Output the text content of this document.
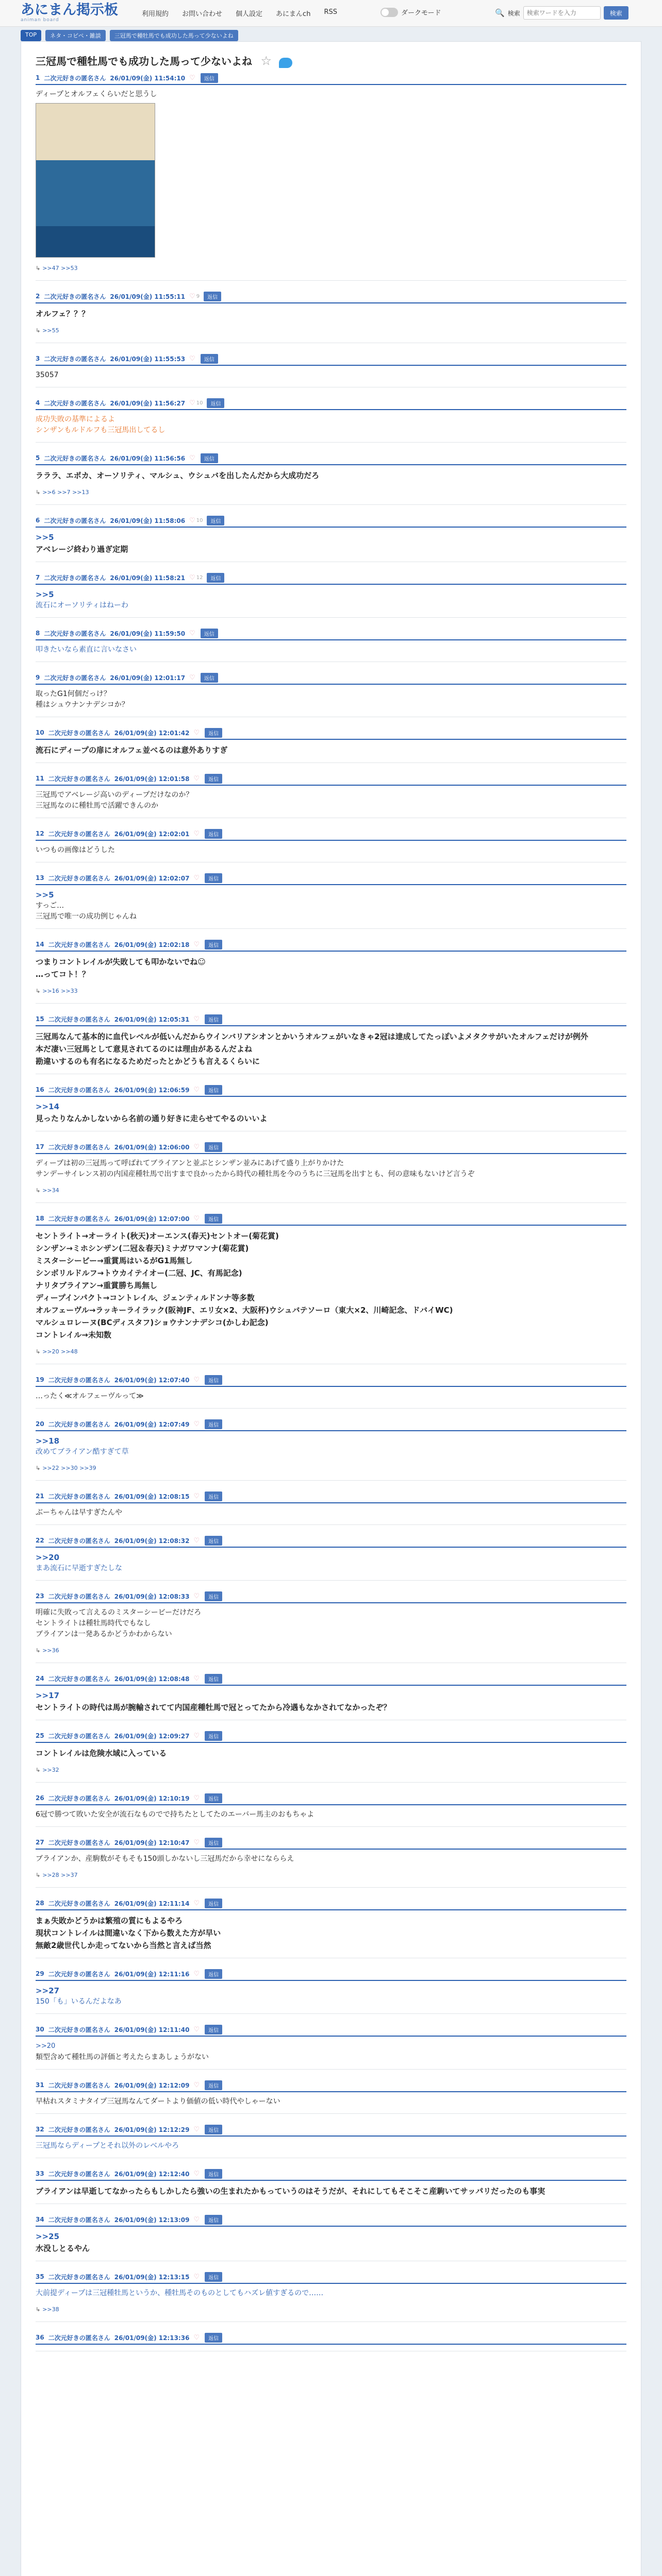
あにまん掲示板
animan board
利用規約 お問い合わせ 個人設定 あにまんch RSS	ダークモード	🔍 検索
検索ワードを入力	検索
TOP	ネタ・コピペ・雑談	三冠馬で種牡馬でも成功した馬って少ないよね
三冠馬で種牡馬でも成功した馬って少ないよね ☆
1 二次元好きの匿名さん 26/01/09(金) 11:54:10 ♡	返信
ディープとオルフェくらいだと思うし
↳ >>47 >>53
2 二次元好きの匿名さん 26/01/09(金) 11:55:11 ♡ 9	返信
オルフェ？？？
↳ >>55
3 二次元好きの匿名さん 26/01/09(金) 11:55:53 ♡	返信
35057
4 二次元好きの匿名さん 26/01/09(金) 11:56:27 ♡ 10	返信
成功失敗の基準によるよ
シンザンもルドルフも三冠馬出してるし
5 二次元好きの匿名さん 26/01/09(金) 11:56:56 ♡	返信
ラララ、エポカ、オーソリティ、マルシュ、ウシュバを出したんだから大成功だろ
↳ >>6 >>7 >>13
6 二次元好きの匿名さん 26/01/09(金) 11:58:06 ♡ 10	返信
>>5
アベレージ終わり過ぎ定期
7 二次元好きの匿名さん 26/01/09(金) 11:58:21 ♡ 12	返信
>>5
流石にオーソリティはねーわ
8 二次元好きの匿名さん 26/01/09(金) 11:59:50 ♡	返信
叩きたいなら素直に言いなさい
9 二次元好きの匿名さん 26/01/09(金) 12:01:17 ♡	返信
取ったG1何個だっけ？
種はシュウナンナデシコか？
10 二次元好きの匿名さん 26/01/09(金) 12:01:42 ♡	返信
流石にディープの扉にオルフェ並べるのは意外ありすぎ
11 二次元好きの匿名さん 26/01/09(金) 12:01:58 ♡	返信
三冠馬でアベレージ高いのディープだけなのか？
三冠馬なのに種牡馬で活躍できんのか
12 二次元好きの匿名さん 26/01/09(金) 12:02:01 ♡	返信
いつもの画像はどうした
13 二次元好きの匿名さん 26/01/09(金) 12:02:07 ♡	返信
>>5
すっご…
三冠馬で唯一の成功例じゃんね
14 二次元好きの匿名さん 26/01/09(金) 12:02:18 ♡	返信
つまりコントレイルが失敗しても叩かないでね☺
…ってコト！？
↳ >>16 >>33
15 二次元好きの匿名さん 26/01/09(金) 12:05:31 ♡	返信
三冠馬なんて基本的に血代レベルが低いんだからウインバリアシオンとかいうオルフェがいなきゃ2冠は達成してたっぽいよメタクサがいたオルフェだけが例外
本だ凄い三冠馬として意見されてるのには理由があるんだよね
勘違いするのも有名になるためだったとかどうも言えるくらいに
16 二次元好きの匿名さん 26/01/09(金) 12:06:59 ♡	返信
>>14
見ったりなんかしないから名前の通り好きに走らせてやるのいいよ
17 二次元好きの匿名さん 26/01/09(金) 12:06:00 ♡	返信
ディープは初の三冠馬って呼ばれてブライアンと並ぶとシンザン並みにあげて盛り上がりかけた
サンデーサイレンス初の内国産種牡馬で出すまで良かったから時代の種牡馬を今のうちに三冠馬を出すとも、何の意味もないけど言うぞ
↳ >>34
18 二次元好きの匿名さん 26/01/09(金) 12:07:00 ♡	返信
セントライト→オーライト(秋天)オーエンス(春天)セントオー(菊花賞)
シンザン→ミホシンザン(二冠＆春天)ミナガワマンナ(菊花賞)
ミスターシービー→重賞馬はいるがG1馬無し
シンボリルドルフ→トウカイテイオー(二冠、JC、有馬記念)
ナリタブライアン→重賞勝ち馬無し
ディープインパクト→コントレイル、ジェンティルドンナ等多数
オルフェーヴル→ラッキーライラック(阪神JF、エリ女×2、大阪杯)ウシュバテソーロ（東大×2、川崎記念、ドバイWC)
マルシュロレーヌ(BCディスタフ)ショウナンナデシコ(かしわ記念)
コントレイル→未知数
↳ >>20 >>48
19 二次元好きの匿名さん 26/01/09(金) 12:07:40 ♡	返信
…ったく≪オルフェーヴルって≫
20 二次元好きの匿名さん 26/01/09(金) 12:07:49 ♡	返信
>>18
改めてブライアン酷すぎて草
↳ >>22 >>30 >>39
21 二次元好きの匿名さん 26/01/09(金) 12:08:15 ♡	返信
ぶーちゃんは早すぎたんや
22 二次元好きの匿名さん 26/01/09(金) 12:08:32 ♡	返信
>>20
まあ流石に早逝すぎたしな
23 二次元好きの匿名さん 26/01/09(金) 12:08:33 ♡	返信
明確に失敗って言えるのミスターシービーだけだろ
セントライトは種牡馬時代でもなし
ブライアンは一発あるかどうかわからない
↳ >>36
24 二次元好きの匿名さん 26/01/09(金) 12:08:48 ♡	返信
>>17
セントライトの時代は馬が腕輸されてて内国産種牡馬で冠とってたから冷遇もなかされてなかったぞ？
25 二次元好きの匿名さん 26/01/09(金) 12:09:27 ♡	返信
コントレイルは危険水域に入っている
↳ >>32
26 二次元好きの匿名さん 26/01/09(金) 12:10:19 ♡	返信
6冠で勝つて敗いた安全が流石なものでで持ちたとしてたのエーバー馬主のおもちゃよ
27 二次元好きの匿名さん 26/01/09(金) 12:10:47 ♡	返信
ブライアンか、産駒数がそもそも150頭しかないし三冠馬だから幸せになららえ
↳ >>28 >>37
28 二次元好きの匿名さん 26/01/09(金) 12:11:14 ♡	返信
まぁ失敗かどうかは繁殖の質にもよるやろ
現状コントレイルは間違いなく下から数えた方が早い
無敵2歳世代しか走ってないから当然と言えば当然
29 二次元好きの匿名さん 26/01/09(金) 12:11:16 ♡	返信
>>27
150「も」いるんだよなあ
30 二次元好きの匿名さん 26/01/09(金) 12:11:40 ♡	返信
>>20
類型含めて種牡馬の評価と考えたらまあしょうがない
31 二次元好きの匿名さん 26/01/09(金) 12:12:09 ♡	返信
早枯れスタミナタイプ三冠馬なんてダートより価値の低い時代やしゃーない
32 二次元好きの匿名さん 26/01/09(金) 12:12:29 ♡	返信
三冠馬ならディープとそれ以外のレベルやろ
33 二次元好きの匿名さん 26/01/09(金) 12:12:40 ♡	返信
ブライアンは早逝してなかったらもしかしたら強いの生まれたかもっていうのはそうだが、それにしてもそこそこ産駒いてサッパリだったのも事実
34 二次元好きの匿名さん 26/01/09(金) 12:13:09 ♡	返信
>>25
水没しとるやん
35 二次元好きの匿名さん 26/01/09(金) 12:13:15 ♡	返信
大前提ディープは三冠種牡馬というか、種牡馬そのものとしてもハズレ値すぎるので……
↳ >>38
36 二次元好きの匿名さん 26/01/09(金) 12:13:36 ♡	返信
